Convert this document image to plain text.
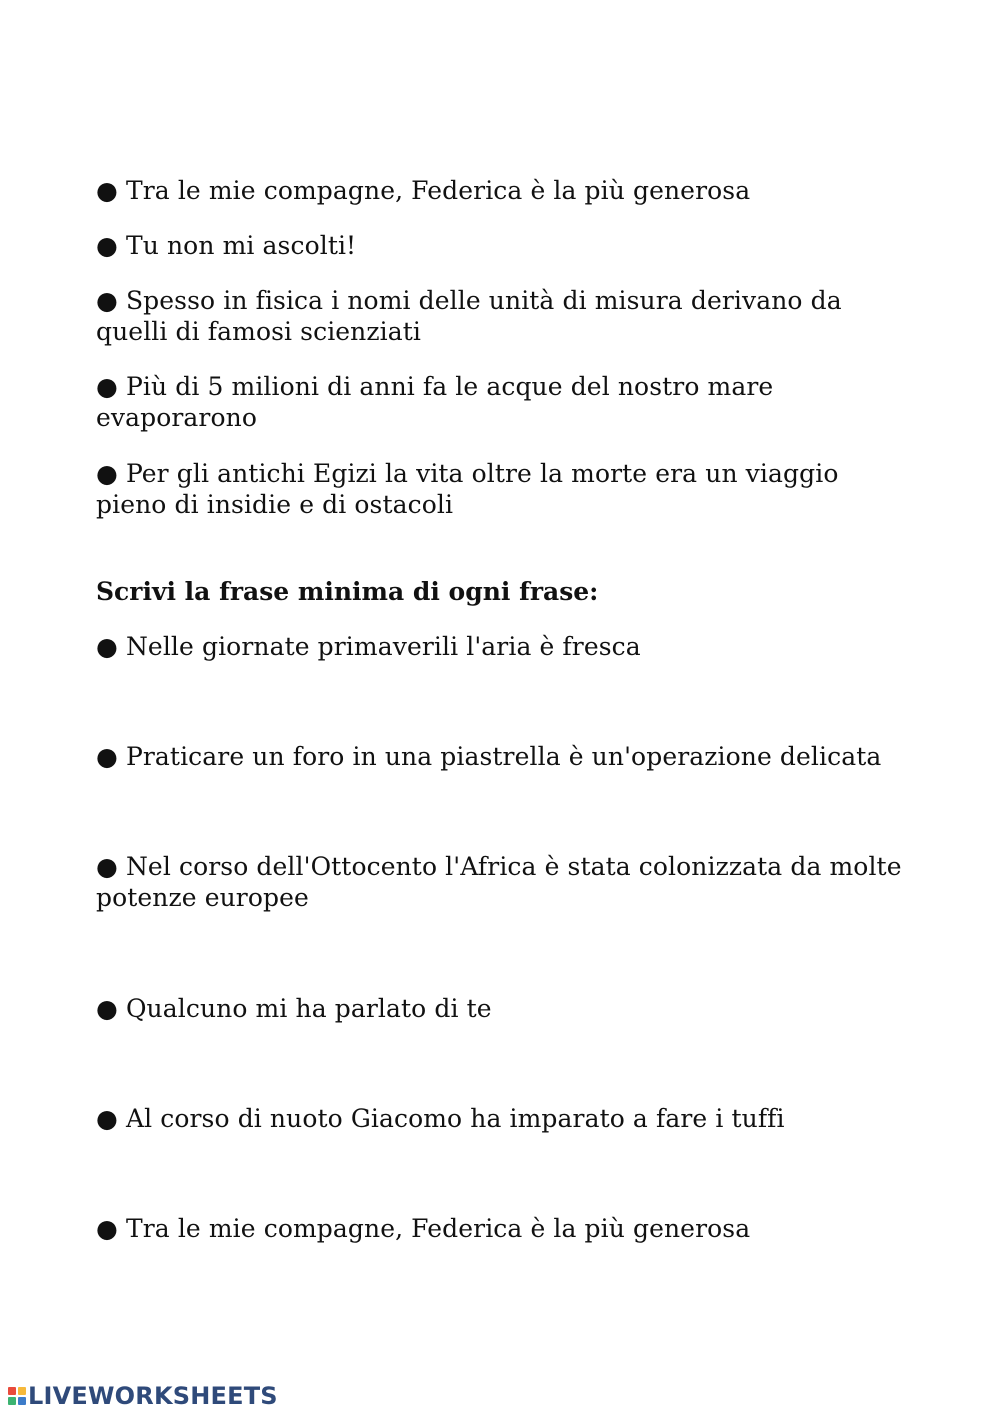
● Tra le mie compagne, Federica è la più generosa

● Tu non mi ascolti!

● Spesso in fisica i nomi delle unità di misura derivano da

quelli di famosi scienziati

● Più di 5 milioni di anni fa le acque del nostro mare

evaporarono

● Per gli antichi Egizi la vita oltre la morte era un viaggio

pieno di insidie e di ostacoli

Scrivi la frase minima di ogni frase:

● Nelle giornate primaverili l'aria è fresca

● Praticare un foro in una piastrella è un'operazione delicata

● Nel corso dell'Ottocento l'Africa è stata colonizzata da molte

potenze europee

● Qualcuno mi ha parlato di te

● Al corso di nuoto Giacomo ha imparato a fare i tuffi

● Tra le mie compagne, Federica è la più generosa

LIVEWORKSHEETS
